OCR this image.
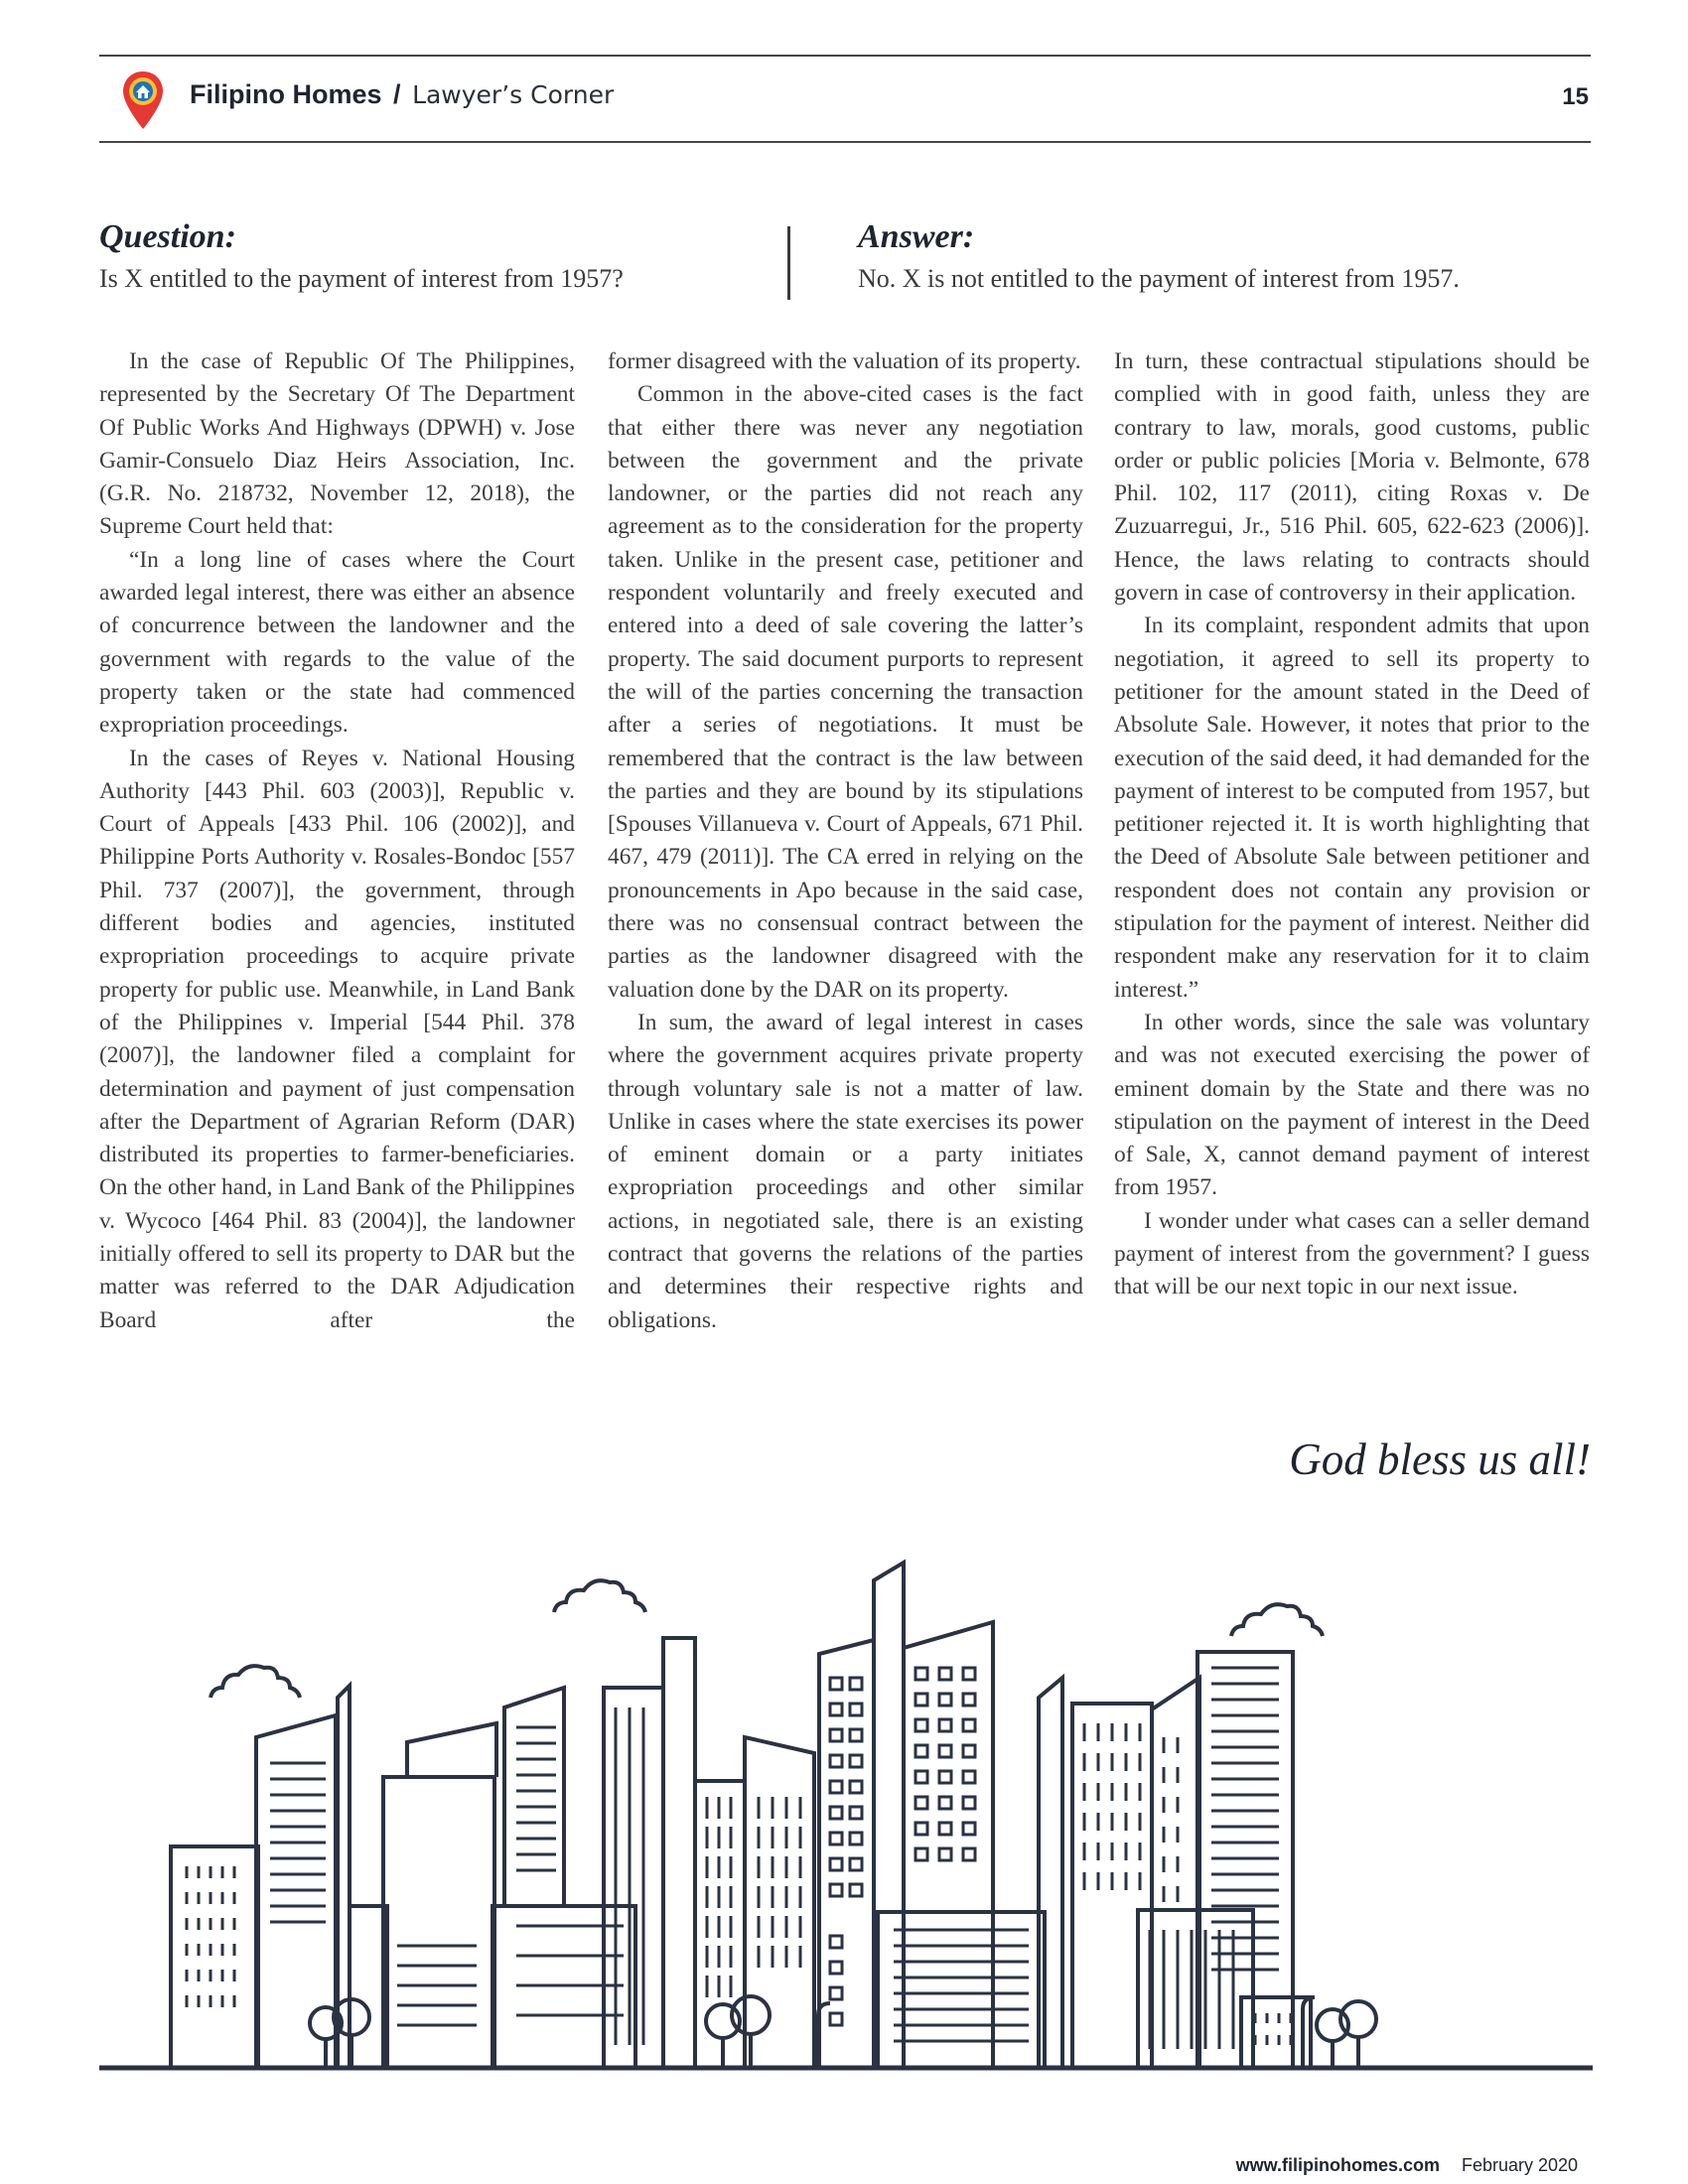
Filipino Homes / Lawyer’s Corner	15
Question:
Is X entitled to the payment of interest from 1957?
Answer:
No. X is not entitled to the payment of interest from 1957.

In the case of Republic Of The Philippines, represented by the Secretary Of The Department Of Public Works And Highways (DPWH) v. Jose Gamir-Consuelo Diaz Heirs Association, Inc. (G.R. No. 218732, November 12, 2018), the Supreme Court held that:

“In a long line of cases where the Court awarded legal interest, there was either an absence of concurrence between the landowner and the government with regards to the value of the property taken or the state had commenced expropriation proceedings.

In the cases of Reyes v. National Housing Authority [443 Phil. 603 (2003)], Republic v. Court of Appeals [433 Phil. 106 (2002)], and Philippine Ports Authority v. Rosales-Bondoc [557 Phil. 737 (2007)], the government, through different bodies and agencies, instituted expropriation proceedings to acquire private property for public use. Meanwhile, in Land Bank of the Philippines v. Imperial [544 Phil. 378 (2007)], the landowner filed a complaint for determination and payment of just compensation after the Department of Agrarian Reform (DAR) distributed its properties to farmer-beneficiaries. On the other hand, in Land Bank of the Philippines v. Wycoco [464 Phil. 83 (2004)], the landowner initially offered to sell its property to DAR but the matter was referred to the DAR Adjudication Board after the

former disagreed with the valuation of its property.

Common in the above-cited cases is the fact that either there was never any negotiation between the government and the private landowner, or the parties did not reach any agreement as to the consideration for the property taken. Unlike in the present case, petitioner and respondent voluntarily and freely executed and entered into a deed of sale covering the latter’s property. The said document purports to represent the will of the parties concerning the transaction after a series of negotiations. It must be remembered that the contract is the law between the parties and they are bound by its stipulations [Spouses Villanueva v. Court of Appeals, 671 Phil. 467, 479 (2011)]. The CA erred in relying on the pronouncements in Apo because in the said case, there was no consensual contract between the parties as the landowner disagreed with the valuation done by the DAR on its property.

In sum, the award of legal interest in cases where the government acquires private property through voluntary sale is not a matter of law. Unlike in cases where the state exercises its power of eminent domain or a party initiates expropriation proceedings and other similar actions, in negotiated sale, there is an existing contract that governs the relations of the parties and determines their respective rights and obligations.

In turn, these contractual stipulations should be complied with in good faith, unless they are contrary to law, morals, good customs, public order or public policies [Moria v. Belmonte, 678 Phil. 102, 117 (2011), citing Roxas v. De Zuzuarregui, Jr., 516 Phil. 605, 622-623 (2006)]. Hence, the laws relating to contracts should govern in case of controversy in their application.

In its complaint, respondent admits that upon negotiation, it agreed to sell its property to petitioner for the amount stated in the Deed of Absolute Sale. However, it notes that prior to the execution of the said deed, it had demanded for the payment of interest to be computed from 1957, but petitioner rejected it. It is worth highlighting that the Deed of Absolute Sale between petitioner and respondent does not contain any provision or stipulation for the payment of interest. Neither did respondent make any reservation for it to claim interest.”

In other words, since the sale was voluntary and was not executed exercising the power of eminent domain by the State and there was no stipulation on the payment of interest in the Deed of Sale, X, cannot demand payment of interest from 1957.

I wonder under what cases can a seller demand payment of interest from the government? I guess that will be our next topic in our next issue.

God bless us all!
www.filipinohomes.com February 2020
